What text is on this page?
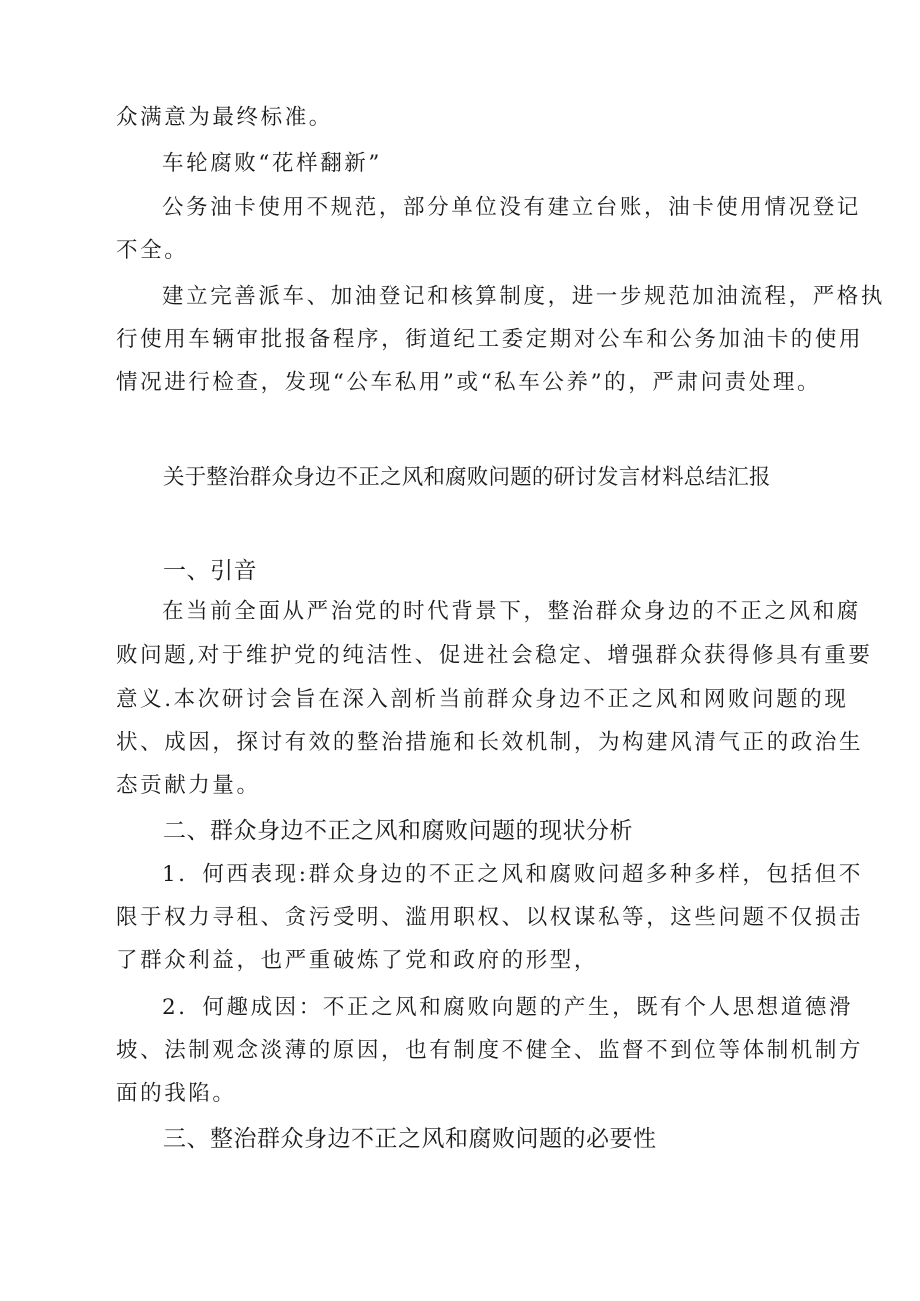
众满意为最终标准。
车轮腐败“花样翻新”
公务油卡使用不规范，部分单位没有建立台账，油卡使用情况登记
不全。
建立完善派车、加油登记和核算制度，进一步规范加油流程，严格执
行使用车辆审批报备程序，街道纪工委定期对公车和公务加油卡的使用
情况进行检查，发现“公车私用”或“私车公养”的，严肃问责处理。
关于整治群众身边不正之风和腐败问题的研讨发言材料总结汇报
一、引音
在当前全面从严治党的时代背景下，整治群众身边的不正之风和腐
败问题,对于维护党的纯洁性、促进社会稳定、增强群众获得修具有重要
意义.本次研讨会旨在深入剖析当前群众身边不正之风和网败问题的现
状、成因，探讨有效的整治措施和长效机制，为构建风清气正的政治生
态贡献力量。
二、群众身边不正之风和腐败问题的现状分析
1．何西表现:群众身边的不正之风和腐败问超多种多样，包括但不
限于权力寻租、贪污受明、滥用职权、以权谋私等，这些问题不仅损击
了群众利益，也严重破炼了党和政府的形型，
2．何趣成因：不正之风和腐败向题的产生，既有个人思想道德滑
坡、法制观念淡薄的原因，也有制度不健全、监督不到位等体制机制方
面的我陷。
三、整治群众身边不正之风和腐败问题的必要性
